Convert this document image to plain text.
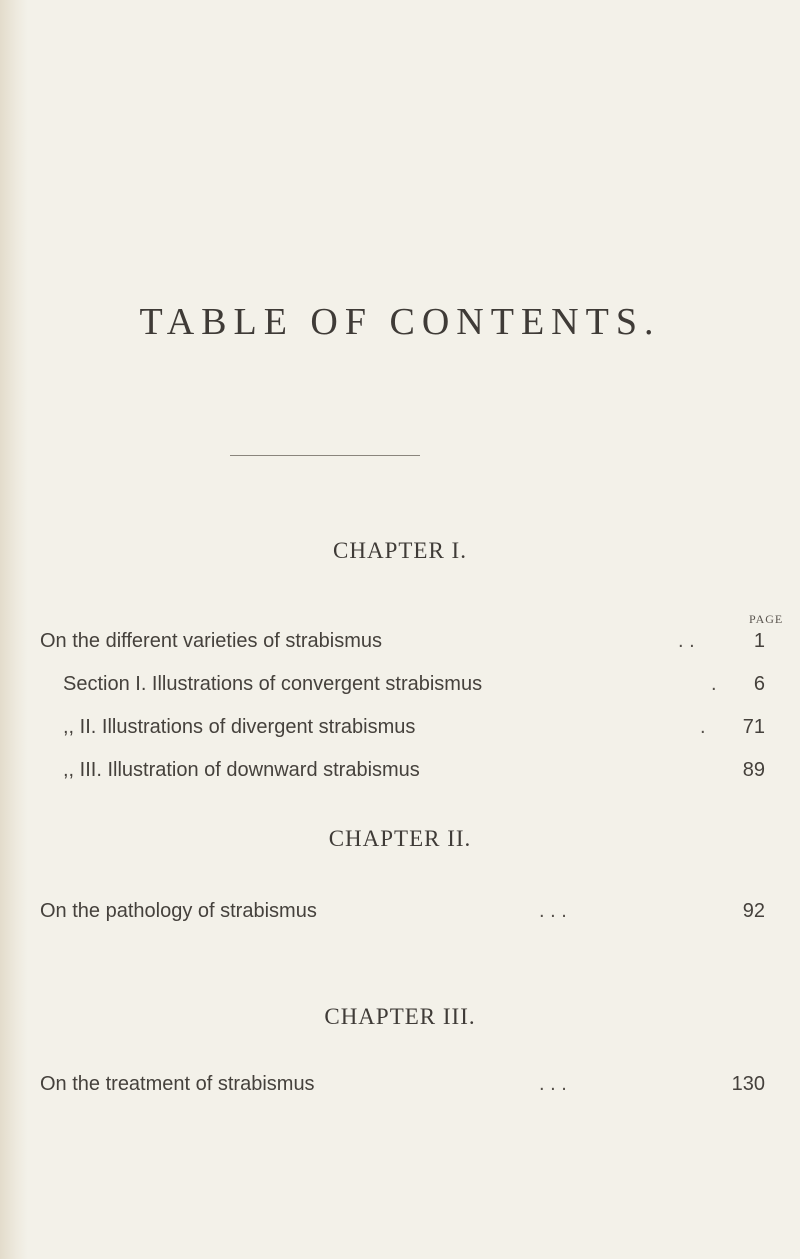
TABLE OF CONTENTS.
CHAPTER I.
PAGE
On the different varieties of strabismus	. .	1
Section I. Illustrations of convergent strabismus	.	6
,, II. Illustrations of divergent strabismus	.	71
,, III. Illustration of downward strabismus	89
CHAPTER II.
On the pathology of strabismus	. . .	92
CHAPTER III.
On the treatment of strabismus	. . .	130
